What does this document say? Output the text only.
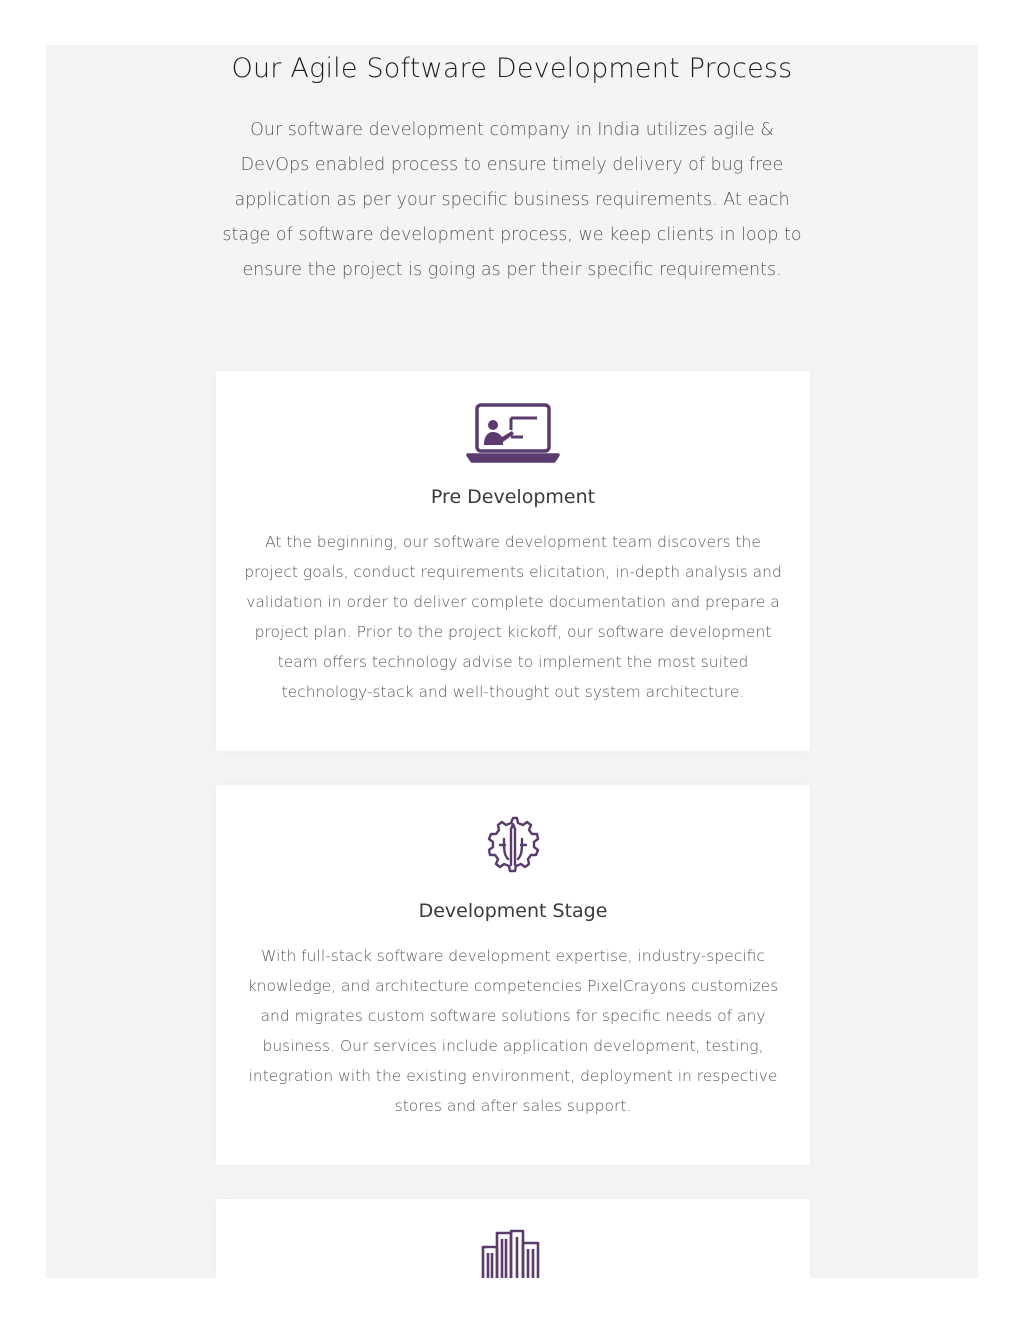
Our Agile Software Development Process

Our software development company in India utilizes agile & DevOps enabled process to ensure timely delivery of bug free application as per your specific business requirements. At each stage of software development process, we keep clients in loop to ensure the project is going as per their specific requirements.

Pre Development

At the beginning, our software development team discovers the project goals, conduct requirements elicitation, in-depth analysis and validation in order to deliver complete documentation and prepare a project plan. Prior to the project kickoff, our software development team offers technology advise to implement the most suited technology-stack and well-thought out system architecture.

Development Stage

With full-stack software development expertise, industry-specific knowledge, and architecture competencies PixelCrayons customizes and migrates custom software solutions for specific needs of any business. Our services include application development, testing, integration with the existing environment, deployment in respective stores and after sales support.
